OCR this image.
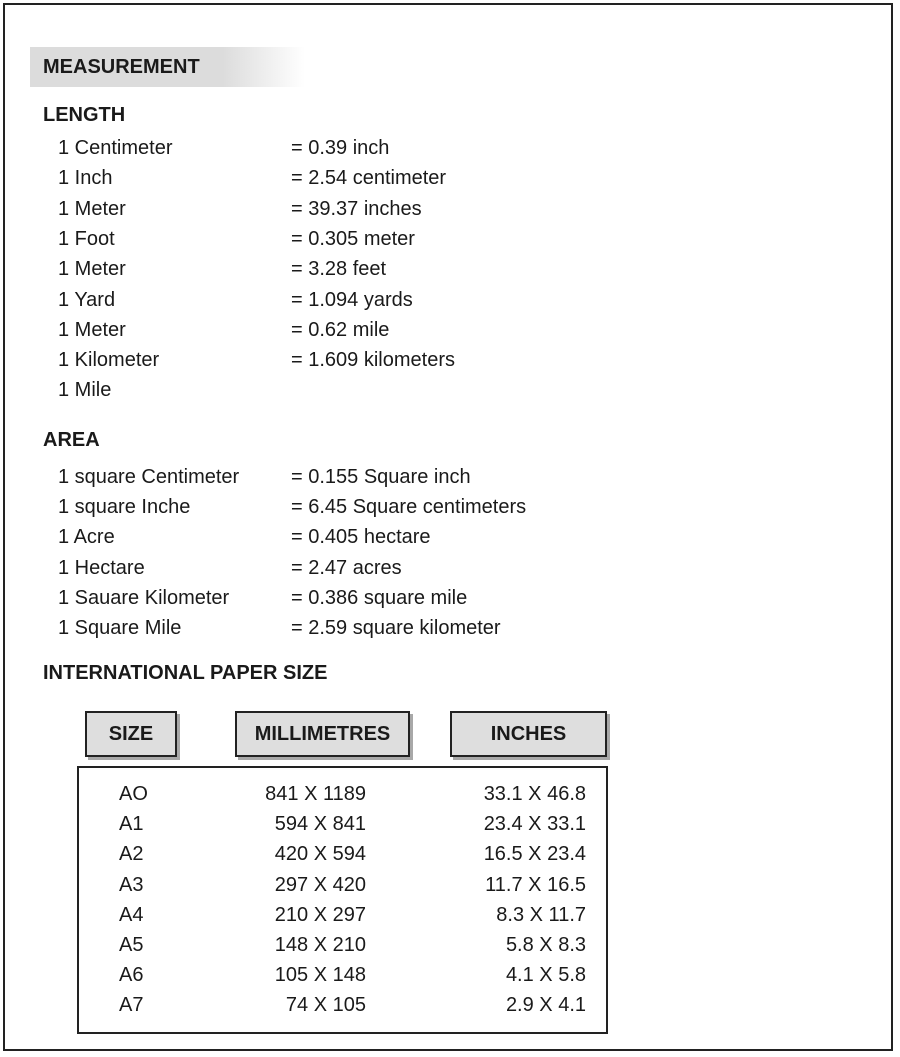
MEASUREMENT
LENGTH
1 Centimeter	= 0.39 inch
1 Inch	= 2.54 centimeter
1 Meter	= 39.37 inches
1 Foot	= 0.305 meter
1 Meter	= 3.28 feet
1 Yard	= 1.094 yards
1 Meter	= 0.62 mile
1 Kilometer	= 1.609 kilometers
1 Mile
AREA
1 square Centimeter	= 0.155 Square inch
1 square Inche	= 6.45 Square centimeters
1 Acre	= 0.405 hectare
1 Hectare	= 2.47 acres
1 Sauare Kilometer	= 0.386 square mile
1 Square Mile	= 2.59 square kilometer
INTERNATIONAL PAPER SIZE
SIZE	MILLIMETRES	INCHES
AO	841 X 1189	33.1 X 46.8
A1	594 X 841	23.4 X 33.1
A2	420 X 594	16.5 X 23.4
A3	297 X 420	11.7 X 16.5
A4	210 X 297	8.3 X 11.7
A5	148 X 210	5.8 X 8.3
A6	105 X 148	4.1 X 5.8
A7	74 X 105	2.9 X 4.1
